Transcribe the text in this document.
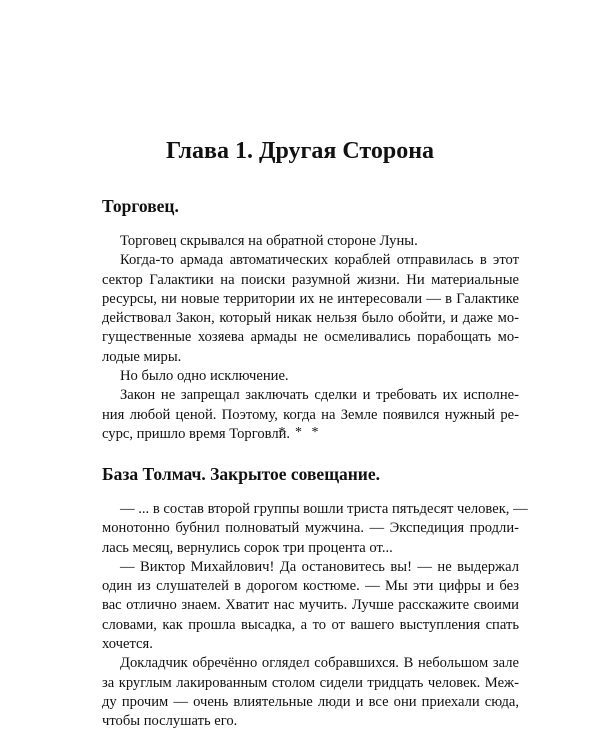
Глава 1. Другая Сторона
Торговец.
Торговец скрывался на обратной стороне Луны.
Когда-то армада автоматических кораблей отправилась в этот
сектор Галактики на поиски разумной жизни. Ни материальные
ресурсы, ни новые территории их не интересовали — в Галактике
действовал Закон, который никак нельзя было обойти, и даже мо-
гущественные хозяева армады не осмеливались порабощать мо-
лодые миры.
Но было одно исключение.
Закон не запрещал заключать сделки и требовать их исполне-
ния любой ценой. Поэтому, когда на Земле появился нужный ре-
сурс, пришло время Торговли.
* * *
База Толмач. Закрытое совещание.
— ... в состав второй группы вошли триста пятьдесят человек, —
монотонно бубнил полноватый мужчина. — Экспедиция продли-
лась месяц, вернулись сорок три процента от...
— Виктор Михайлович! Да остановитесь вы! — не выдержал
один из слушателей в дорогом костюме. — Мы эти цифры и без
вас отлично знаем. Хватит нас мучить. Лучше расскажите своими
словами, как прошла высадка, а то от вашего выступления спать
хочется.
Докладчик обречённо оглядел собравшихся. В небольшом зале
за круглым лакированным столом сидели тридцать человек. Меж-
ду прочим — очень влиятельные люди и все они приехали сюда,
чтобы послушать его.
